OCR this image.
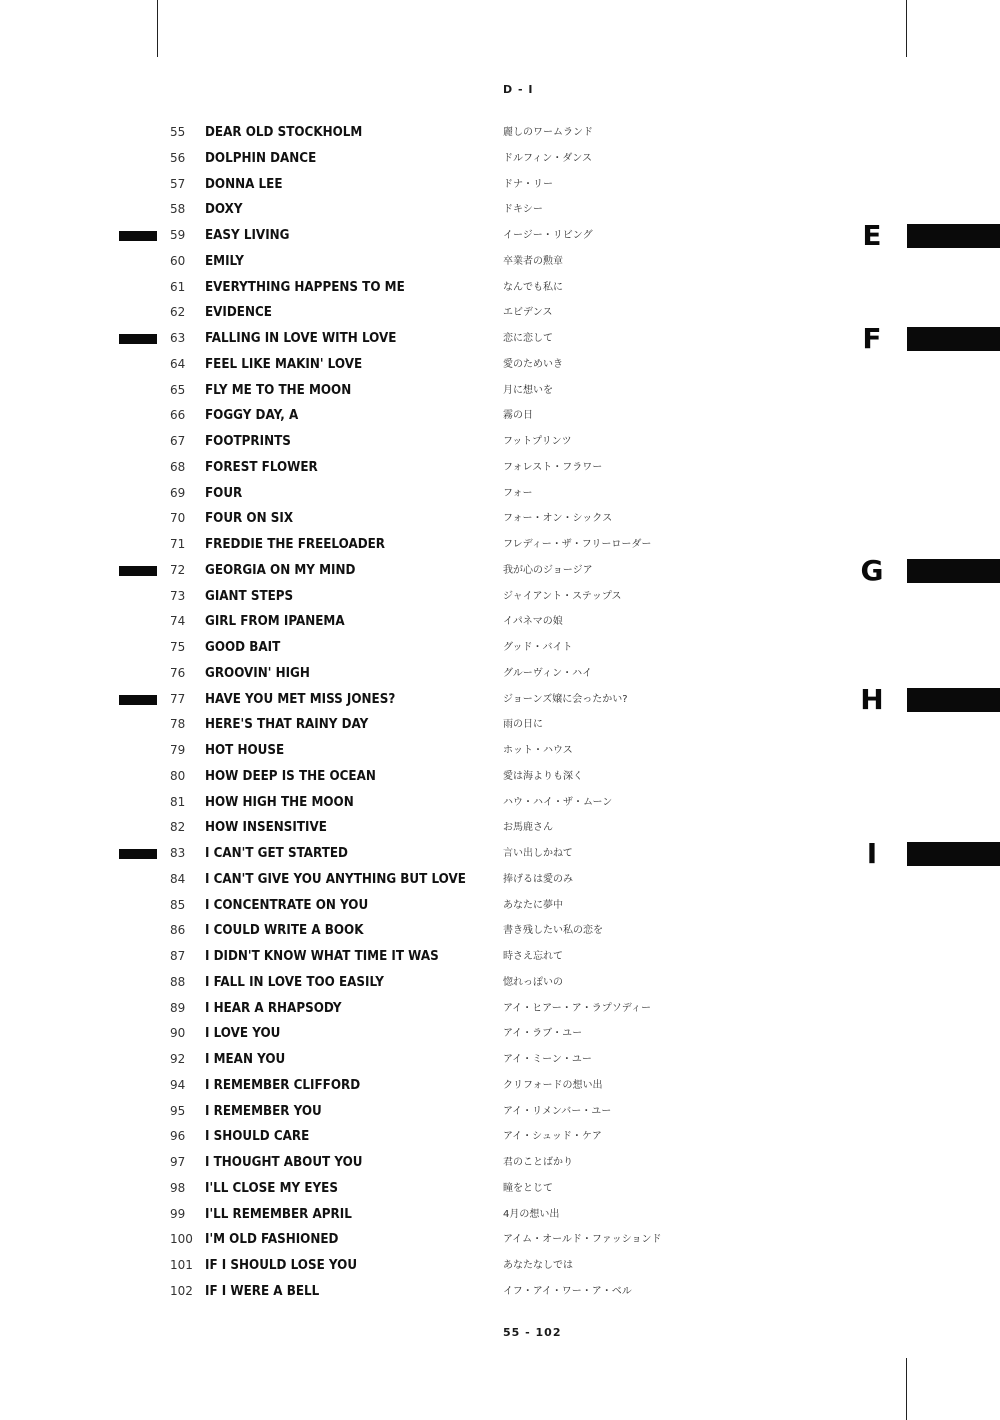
D - I
55 DEAR OLD STOCKHOLM	麗しのワームランド
56 DOLPHIN DANCE	ドルフィン・ダンス
57 DONNA LEE	ドナ・リー
58 DOXY	ドキシー
59 EASY LIVING	イージー・リビング
60 EMILY	卒業者の勲章
61 EVERYTHING HAPPENS TO ME	なんでも私に
62 EVIDENCE	エビデンス
63 FALLING IN LOVE WITH LOVE	恋に恋して
64 FEEL LIKE MAKIN' LOVE	愛のためいき
65 FLY ME TO THE MOON	月に想いを
66 FOGGY DAY, A	霧の日
67 FOOTPRINTS	フットプリンツ
68 FOREST FLOWER	フォレスト・フラワー
69 FOUR	フォー
70 FOUR ON SIX	フォー・オン・シックス
71 FREDDIE THE FREELOADER	フレディー・ザ・フリーローダー
72 GEORGIA ON MY MIND	我が心のジョージア
73 GIANT STEPS	ジャイアント・ステップス
74 GIRL FROM IPANEMA	イパネマの娘
75 GOOD BAIT	グッド・バイト
76 GROOVIN' HIGH	グルーヴィン・ハイ
77 HAVE YOU MET MISS JONES?	ジョーンズ嬢に会ったかい?
78 HERE'S THAT RAINY DAY	雨の日に
79 HOT HOUSE	ホット・ハウス
80 HOW DEEP IS THE OCEAN	愛は海よりも深く
81 HOW HIGH THE MOON	ハウ・ハイ・ザ・ムーン
82 HOW INSENSITIVE	お馬鹿さん
83 I CAN'T GET STARTED	言い出しかねて
84 I CAN'T GIVE YOU ANYTHING BUT LOVE	捧げるは愛のみ
85 I CONCENTRATE ON YOU	あなたに夢中
86 I COULD WRITE A BOOK	書き残したい私の恋を
87 I DIDN'T KNOW WHAT TIME IT WAS	時さえ忘れて
88 I FALL IN LOVE TOO EASILY	惚れっぽいの
89 I HEAR A RHAPSODY	アイ・ヒアー・ア・ラプソディー
90 I LOVE YOU	アイ・ラブ・ユー
92 I MEAN YOU	アイ・ミーン・ユー
94 I REMEMBER CLIFFORD	クリフォードの想い出
95 I REMEMBER YOU	アイ・リメンバー・ユー
96 I SHOULD CARE	アイ・シュッド・ケア
97 I THOUGHT ABOUT YOU	君のことばかり
98 I'LL CLOSE MY EYES	瞳をとじて
99 I'LL REMEMBER APRIL	4月の想い出
100 I'M OLD FASHIONED	アイム・オールド・ファッションド
101 IF I SHOULD LOSE YOU	あなたなしでは
102 IF I WERE A BELL	イフ・アイ・ワー・ア・ベル
E
F
G
H
I
55 - 102
